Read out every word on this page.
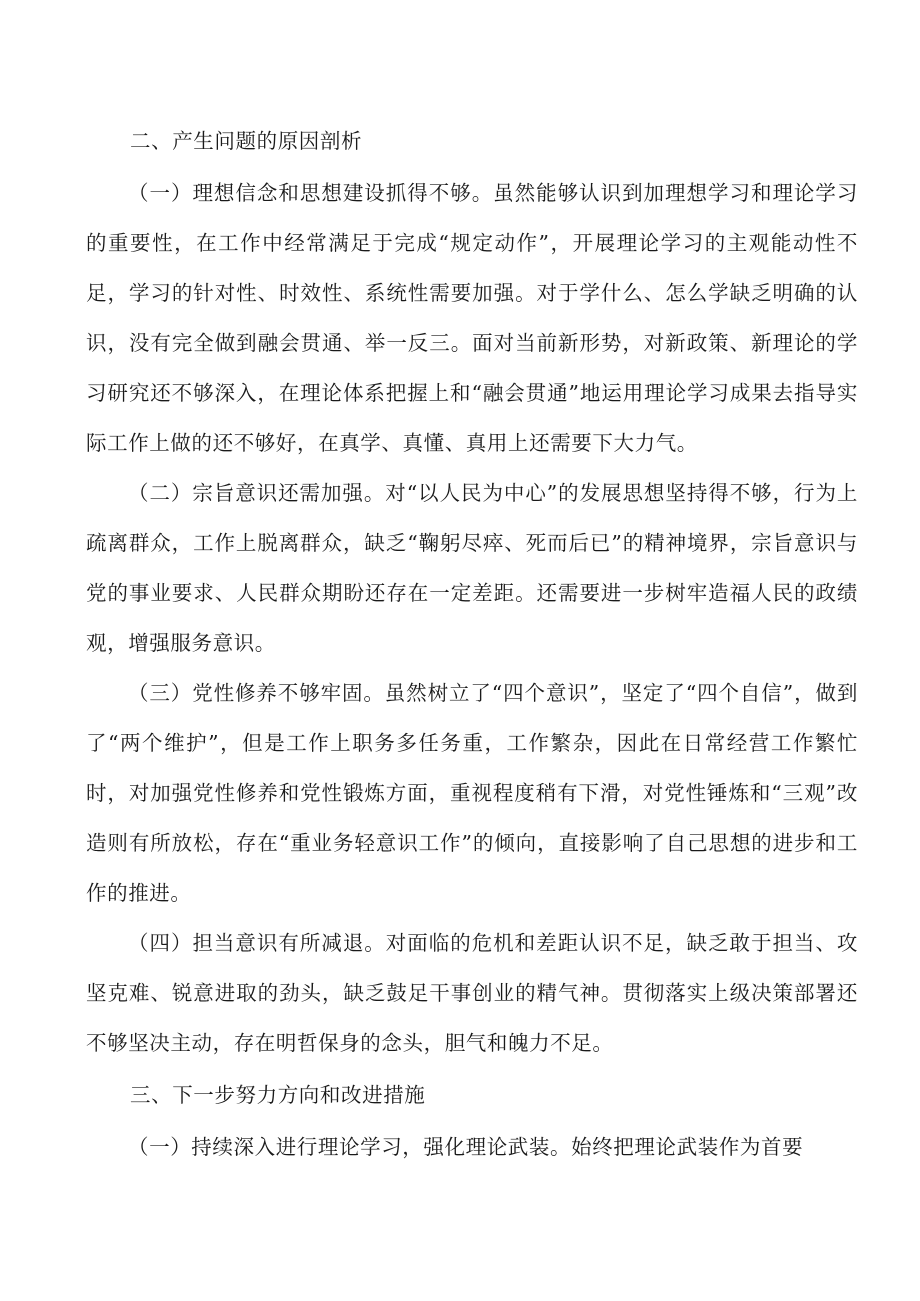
二、产生问题的原因剖析

（一）理想信念和思想建设抓得不够。虽然能够认识到加理想学习和理论学习的重要性，在工作中经常满足于完成“规定动作”，开展理论学习的主观能动性不足，学习的针对性、时效性、系统性需要加强。对于学什么、怎么学缺乏明确的认识，没有完全做到融会贯通、举一反三。面对当前新形势，对新政策、新理论的学习研究还不够深入，在理论体系把握上和“融会贯通”地运用理论学习成果去指导实际工作上做的还不够好，在真学、真懂、真用上还需要下大力气。

（二）宗旨意识还需加强。对“以人民为中心”的发展思想坚持得不够，行为上疏离群众，工作上脱离群众，缺乏“鞠躬尽瘁、死而后已”的精神境界，宗旨意识与党的事业要求、人民群众期盼还存在一定差距。还需要进一步树牢造福人民的政绩观，增强服务意识。

（三）党性修养不够牢固。虽然树立了“四个意识”，坚定了“四个自信”，做到了“两个维护”，但是工作上职务多任务重，工作繁杂，因此在日常经营工作繁忙时，对加强党性修养和党性锻炼方面，重视程度稍有下滑，对党性锤炼和“三观”改造则有所放松，存在“重业务轻意识工作”的倾向，直接影响了自己思想的进步和工作的推进。

（四）担当意识有所减退。对面临的危机和差距认识不足，缺乏敢于担当、攻坚克难、锐意进取的劲头，缺乏鼓足干事创业的精气神。贯彻落实上级决策部署还不够坚决主动，存在明哲保身的念头，胆气和魄力不足。

三、下一步努力方向和改进措施

（一）持续深入进行理论学习，强化理论武装。始终把理论武装作为首要
